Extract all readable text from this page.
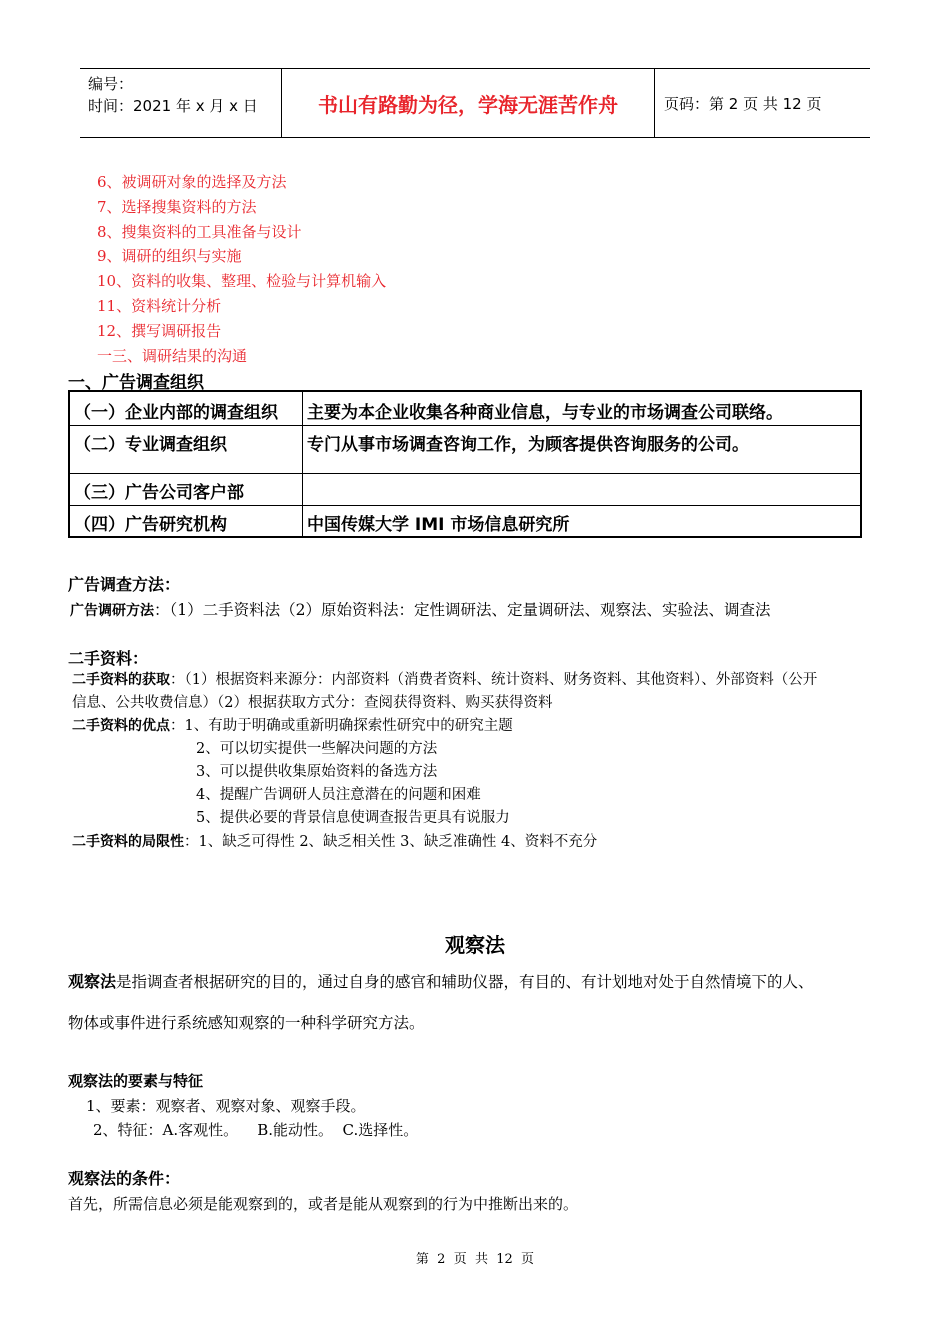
编号：
时间：2021 年 x 月 x 日	书山有路勤为径，学海无涯苦作舟	页码：第 2 页 共 12 页
6、被调研对象的选择及方法
7、选择搜集资料的方法
8、搜集资料的工具准备与设计
9、调研的组织与实施
10、资料的收集、整理、检验与计算机输入
11、资料统计分析
12、撰写调研报告
一三、调研结果的沟通
一、广告调查组织
（一）企业内部的调查组织	主要为本企业收集各种商业信息，与专业的市场调查公司联络。
（二）专业调查组织	专门从事市场调查咨询工作，为顾客提供咨询服务的公司。
（三）广告公司客户部	
（四）广告研究机构	中国传媒大学 IMI 市场信息研究所
广告调查方法：
广告调研方法：（1）二手资料法（2）原始资料法：定性调研法、定量调研法、观察法、实验法、调查法
二手资料：
二手资料的获取：（1）根据资料来源分：内部资料（消费者资料、统计资料、财务资料、其他资料）、外部资料（公开
信息、公共收费信息）（2）根据获取方式分：查阅获得资料、购买获得资料
二手资料的优点：1、有助于明确或重新明确探索性研究中的研究主题
2、可以切实提供一些解决问题的方法
3、可以提供收集原始资料的备选方法
4、提醒广告调研人员注意潜在的问题和困难
5、提供必要的背景信息使调查报告更具有说服力
二手资料的局限性：1、缺乏可得性 2、缺乏相关性 3、缺乏准确性 4、资料不充分
观察法
观察法是指调查者根据研究的目的，通过自身的感官和辅助仪器，有目的、有计划地对处于自然情境下的人、
物体或事件进行系统感知观察的一种科学研究方法。
观察法的要素与特征
1、要素：观察者、观察对象、观察手段。
2、特征：A.客观性。    B.能动性。  C.选择性。
观察法的条件：
首先，所需信息必须是能观察到的，或者是能从观察到的行为中推断出来的。
第  2  页  共  12  页
